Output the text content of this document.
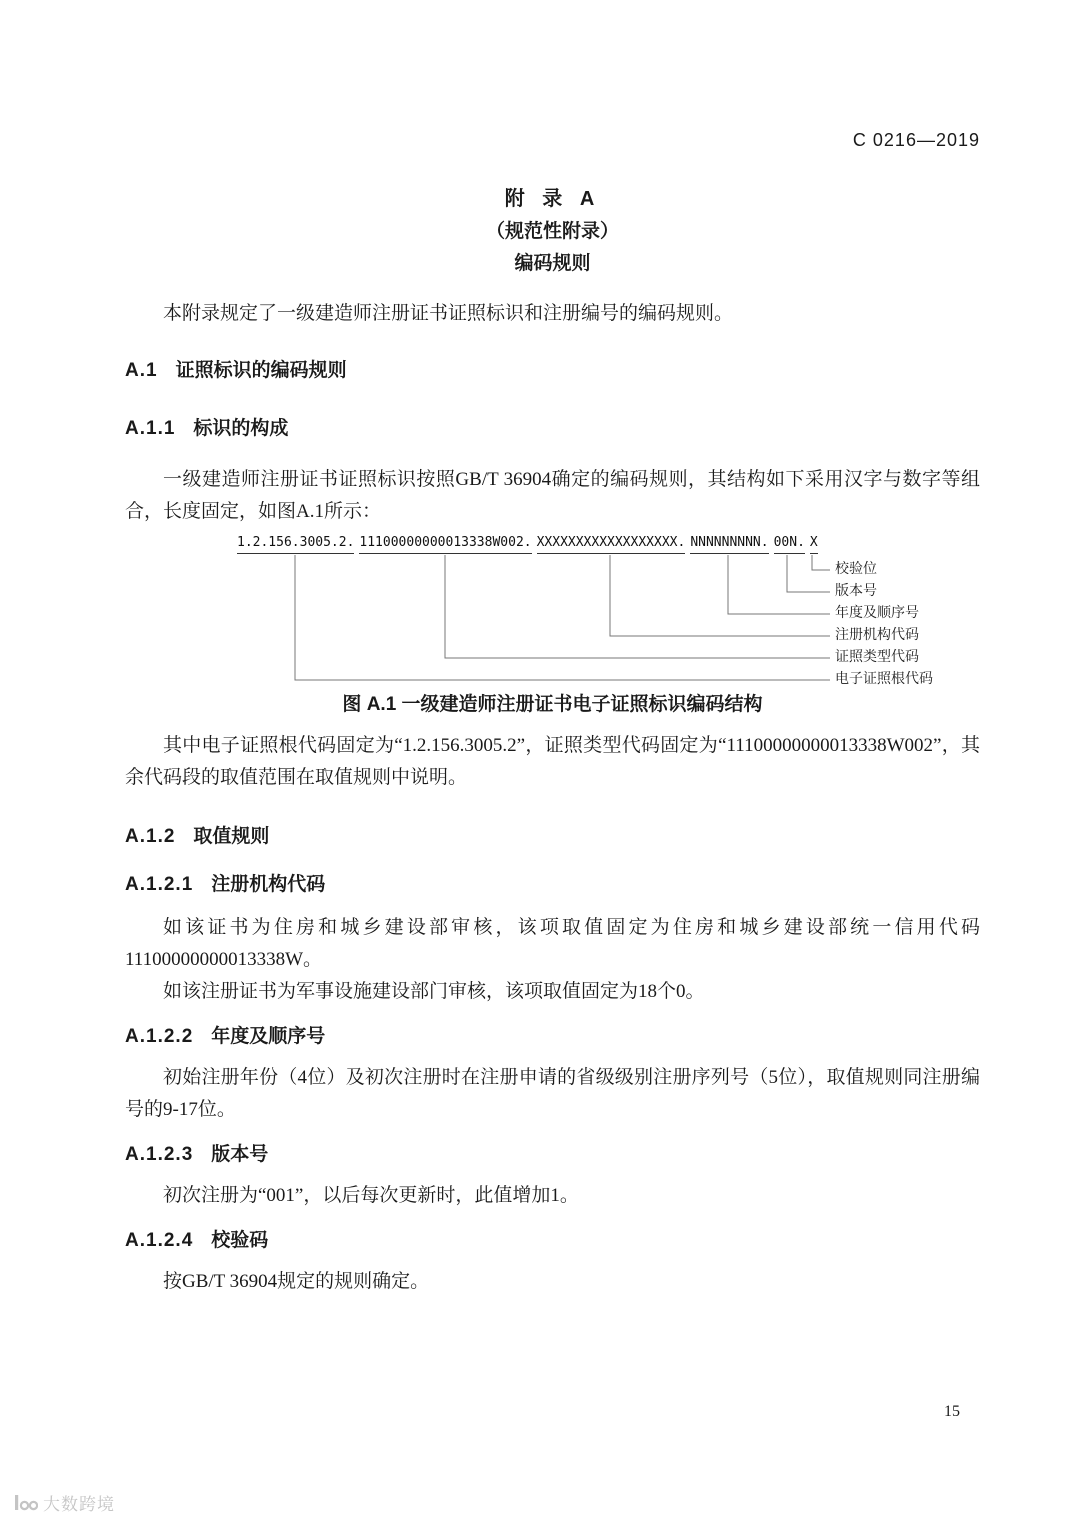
C 0216—2019
附 录 A
（规范性附录）
编码规则

本附录规定了一级建造师注册证书证照标识和注册编号的编码规则。

A.1 证照标识的编码规则
A.1.1 标识的构成

一级建造师注册证书证照标识按照GB/T 36904确定的编码规则，其结构如下采用汉字与数字等组合，长度固定，如图A.1所示：

1.2.156.3005.2. 11100000000013338W002. XXXXXXXXXXXXXXXXXX. NNNNNNNNN. 00N. X
校验位
版本号
年度及顺序号
注册机构代码
证照类型代码
电子证照根代码
图 A.1 一级建造师注册证书电子证照标识编码结构

其中电子证照根代码固定为“1.2.156.3005.2”，证照类型代码固定为“11100000000013338W002”，其余代码段的取值范围在取值规则中说明。

A.1.2 取值规则
A.1.2.1 注册机构代码

如该证书为住房和城乡建设部审核，该项取值固定为住房和城乡建设部统一信用代码11100000000013338W。

如该注册证书为军事设施建设部门审核，该项取值固定为18个0。

A.1.2.2 年度及顺序号

初始注册年份（4位）及初次注册时在注册申请的省级级别注册序列号（5位），取值规则同注册编号的9-17位。

A.1.2.3 版本号

初次注册为“001”，以后每次更新时，此值增加1。

A.1.2.4 校验码

按GB/T 36904规定的规则确定。

15
大数跨境
